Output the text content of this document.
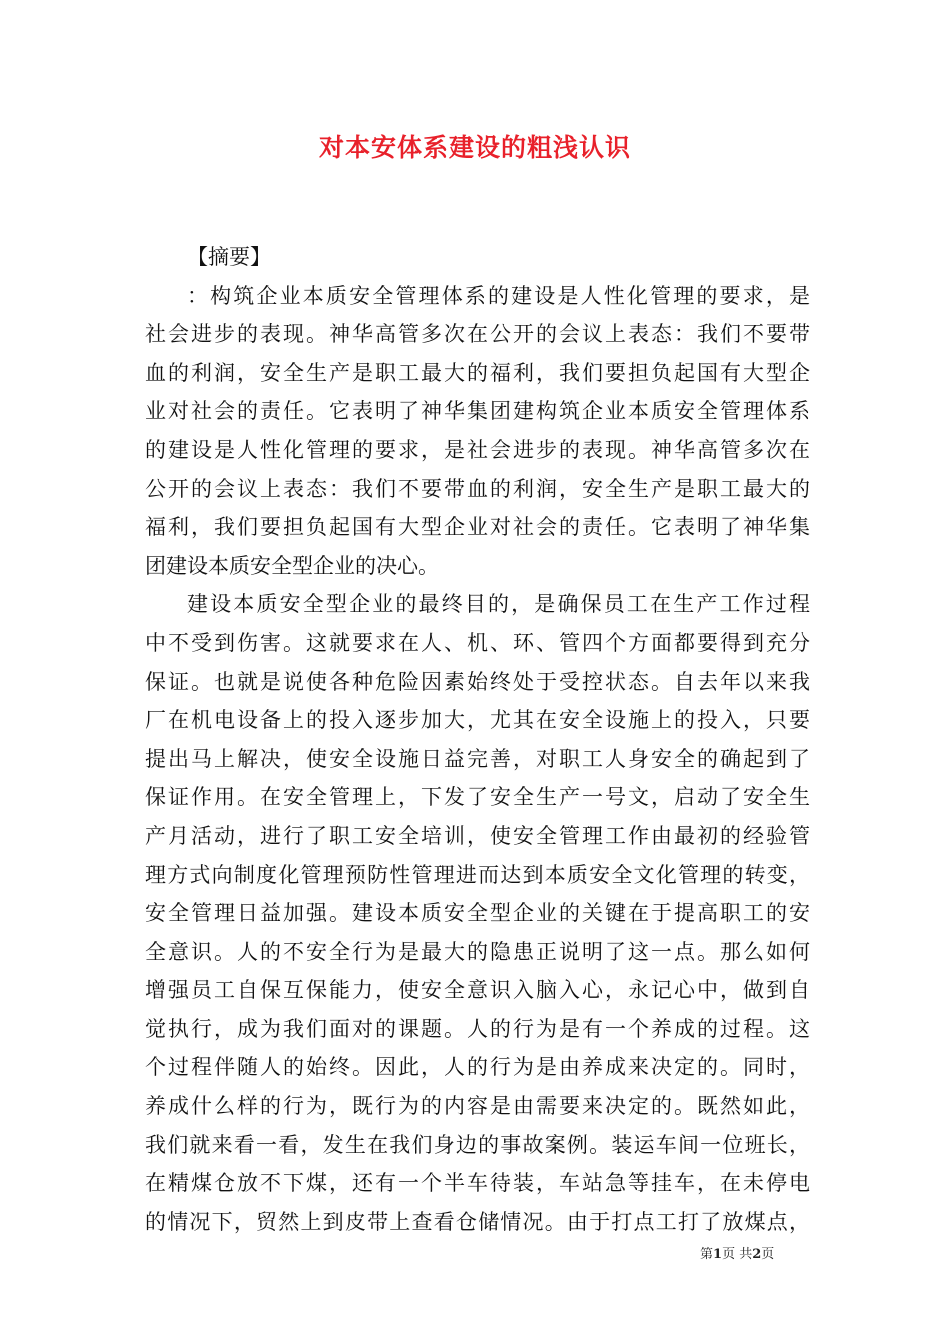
对本安体系建设的粗浅认识
【摘要】
：构筑企业本质安全管理体系的建设是人性化管理的要求，是
社会进步的表现。神华高管多次在公开的会议上表态：我们不要带
血的利润，安全生产是职工最大的福利，我们要担负起国有大型企
业对社会的责任。它表明了神华集团建构筑企业本质安全管理体系
的建设是人性化管理的要求，是社会进步的表现。神华高管多次在
公开的会议上表态：我们不要带血的利润，安全生产是职工最大的
福利，我们要担负起国有大型企业对社会的责任。它表明了神华集
团建设本质安全型企业的决心。
建设本质安全型企业的最终目的，是确保员工在生产工作过程
中不受到伤害。这就要求在人、机、环、管四个方面都要得到充分
保证。也就是说使各种危险因素始终处于受控状态。自去年以来我
厂在机电设备上的投入逐步加大，尤其在安全设施上的投入，只要
提出马上解决，使安全设施日益完善，对职工人身安全的确起到了
保证作用。在安全管理上，下发了安全生产一号文，启动了安全生
产月活动，进行了职工安全培训，使安全管理工作由最初的经验管
理方式向制度化管理预防性管理进而达到本质安全文化管理的转变，
安全管理日益加强。建设本质安全型企业的关键在于提高职工的安
全意识。人的不安全行为是最大的隐患正说明了这一点。那么如何
增强员工自保互保能力，使安全意识入脑入心，永记心中，做到自
觉执行，成为我们面对的课题。人的行为是有一个养成的过程。这
个过程伴随人的始终。因此，人的行为是由养成来决定的。同时，
养成什么样的行为，既行为的内容是由需要来决定的。既然如此，
我们就来看一看，发生在我们身边的事故案例。装运车间一位班长，
在精煤仓放不下煤，还有一个半车待装，车站急等挂车，在未停电
的情况下，贸然上到皮带上查看仓储情况。由于打点工打了放煤点，
第1页 共2页
